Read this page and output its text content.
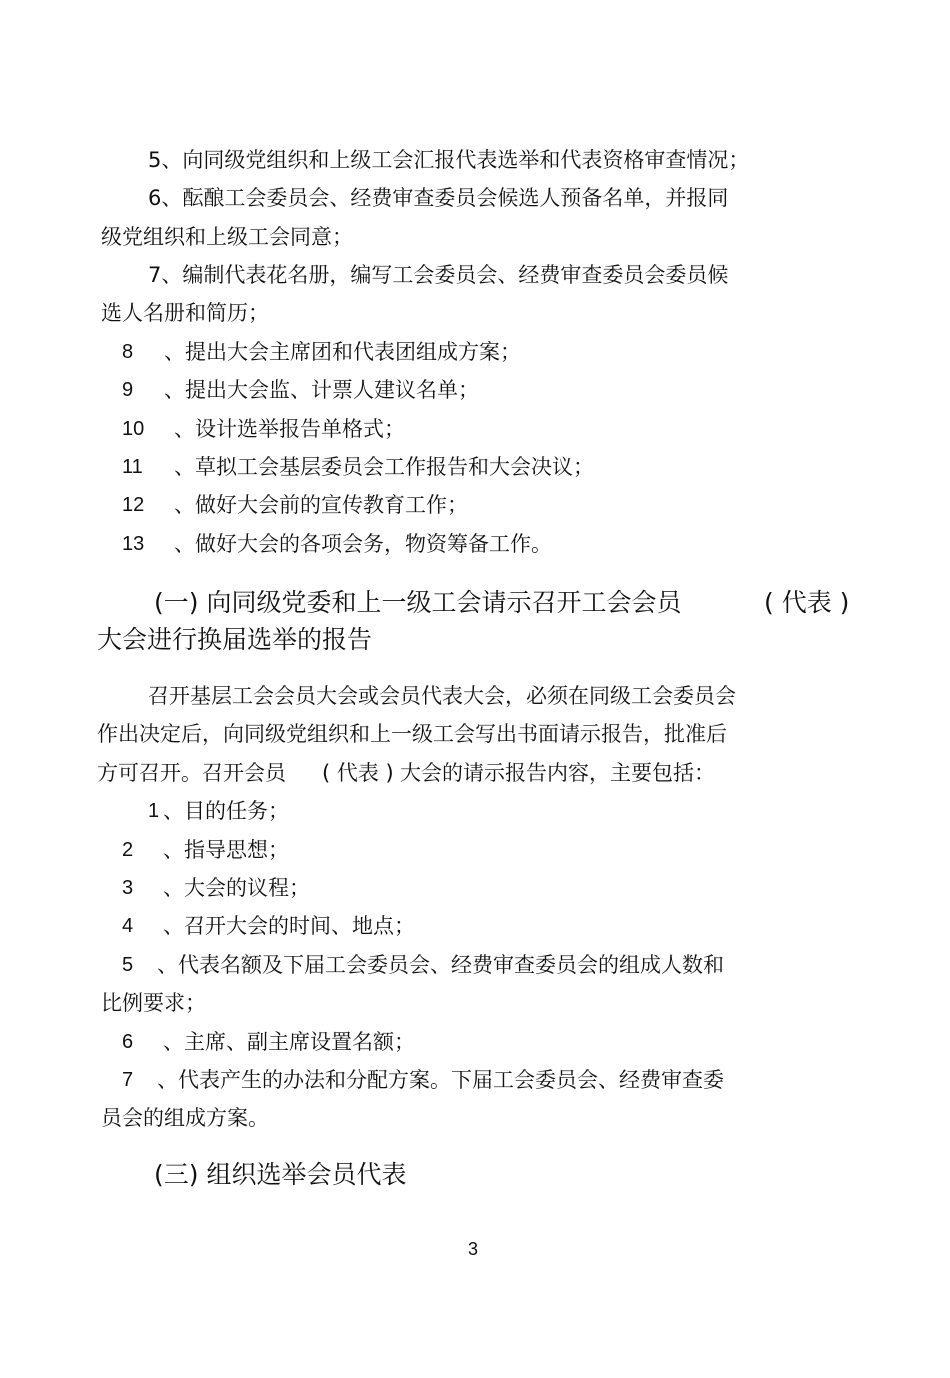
5、向同级党组织和上级工会汇报代表选举和代表资格审查情况；
6、酝酿工会委员会、经费审查委员会候选人预备名单，并报同
级党组织和上级工会同意；
7、编制代表花名册，编写工会委员会、经费审查委员会委员候
选人名册和简历；
8 、提出大会主席团和代表团组成方案；
9 、提出大会监、计票人建议名单；
10 、设计选举报告单格式；
11 、草拟工会基层委员会工作报告和大会决议；
12 、做好大会前的宣传教育工作；
13 、做好大会的各项会务，物资筹备工作。
(一) 向同级党委和上一级工会请示召开工会会员	( 代表 )
大会进行换届选举的报告
召开基层工会会员大会或会员代表大会，必须在同级工会委员会
作出决定后，向同级党组织和上一级工会写出书面请示报告，批准后
方可召开。召开会员 ( 代表 ) 大会的请示报告内容，主要包括：
1 、目的任务；
2 、指导思想；
3 、大会的议程；
4 、召开大会的时间、地点；
5 、代表名额及下届工会委员会、经费审查委员会的组成人数和
比例要求；
6 、主席、副主席设置名额；
7 、代表产生的办法和分配方案。下届工会委员会、经费审查委
员会的组成方案。
(三) 组织选举会员代表
3
